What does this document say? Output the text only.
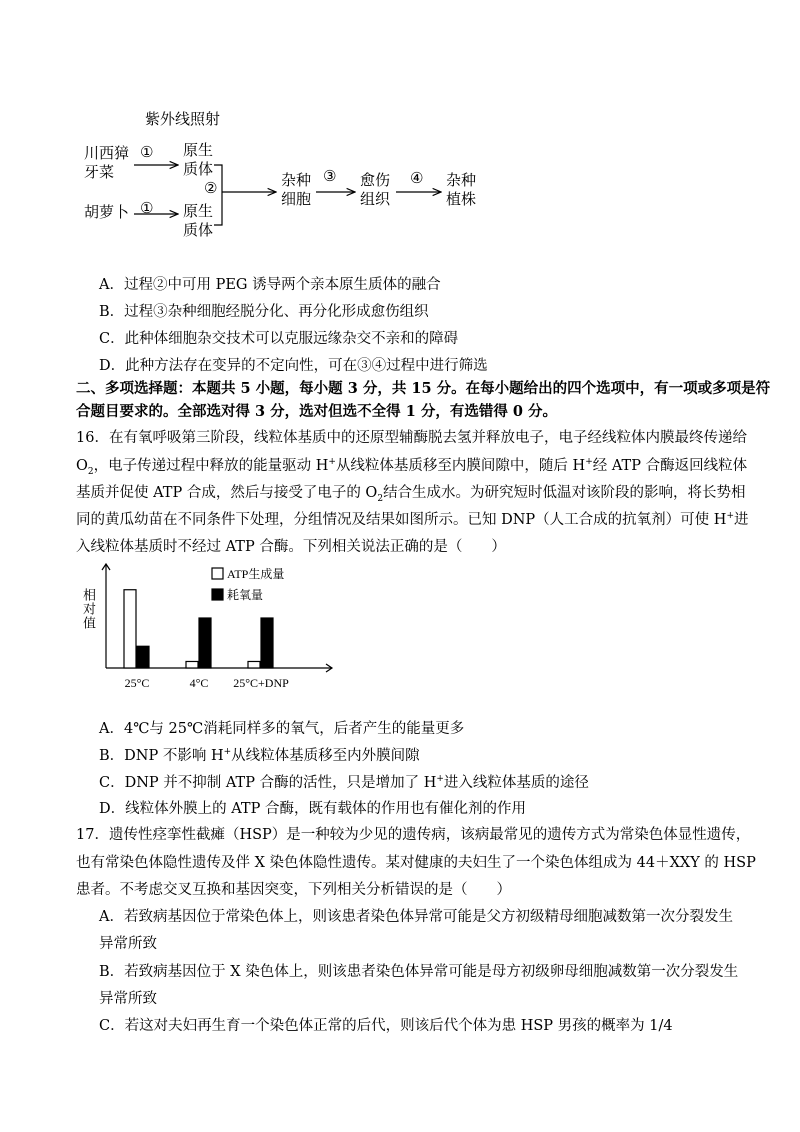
紫外线照射
川西獐
牙菜
胡萝卜
①
①
原生
质体
原生
质体
②	杂种
细胞
③ 愈伤
组织
④ 杂种
植株
A．过程②中可用 PEG 诱导两个亲本原生质体的融合
B．过程③杂种细胞经脱分化、再分化形成愈伤组织
C．此种体细胞杂交技术可以克服远缘杂交不亲和的障碍
D．此种方法存在变异的不定向性，可在③④过程中进行筛选
二、多项选择题：本题共 5 小题，每小题 3 分，共 15 分。在每小题给出的四个选项中，有一项或多项是符
合题目要求的。全部选对得 3 分，选对但选不全得 1 分，有选错得 0 分。
16．在有氧呼吸第三阶段，线粒体基质中的还原型辅酶脱去氢并释放电子，电子经线粒体内膜最终传递给
$O_2$，电子传递过程中释放的能量驱动 H+从线粒体基质移至内膜间隙中，随后 H+经 ATP 合酶返回线粒体
基质并促使 ATP 合成，然后与接受了电子的 $O_2$结合生成水。为研究短时低温对该阶段的影响，将长势相
同的黄瓜幼苗在不同条件下处理，分组情况及结果如图所示。已知 DNP（人工合成的抗氧剂）可使 H+进
入线粒体基质时不经过 ATP 合酶。下列相关说法正确的是（　　）
相对值
25°C	4°C 25°C+DNP
ATP生成量
耗氧量
A．4℃与 25℃消耗同样多的氧气，后者产生的能量更多
B．DNP 不影响 H+从线粒体基质移至内外膜间隙
C．DNP 并不抑制 ATP 合酶的活性，只是增加了 H+进入线粒体基质的途径
D．线粒体外膜上的 ATP 合酶，既有载体的作用也有催化剂的作用
17．遗传性痉挛性截瘫（HSP）是一种较为少见的遗传病，该病最常见的遗传方式为常染色体显性遗传，
也有常染色体隐性遗传及伴 X 染色体隐性遗传。某对健康的夫妇生了一个染色体组成为 44＋XXY 的 HSP
患者。不考虑交叉互换和基因突变，下列相关分析错误的是（　　）
A．若致病基因位于常染色体上，则该患者染色体异常可能是父方初级精母细胞减数第一次分裂发生
异常所致
B．若致病基因位于 X 染色体上，则该患者染色体异常可能是母方初级卵母细胞减数第一次分裂发生
异常所致
C．若这对夫妇再生育一个染色体正常的后代，则该后代个体为患 HSP 男孩的概率为 1/4
